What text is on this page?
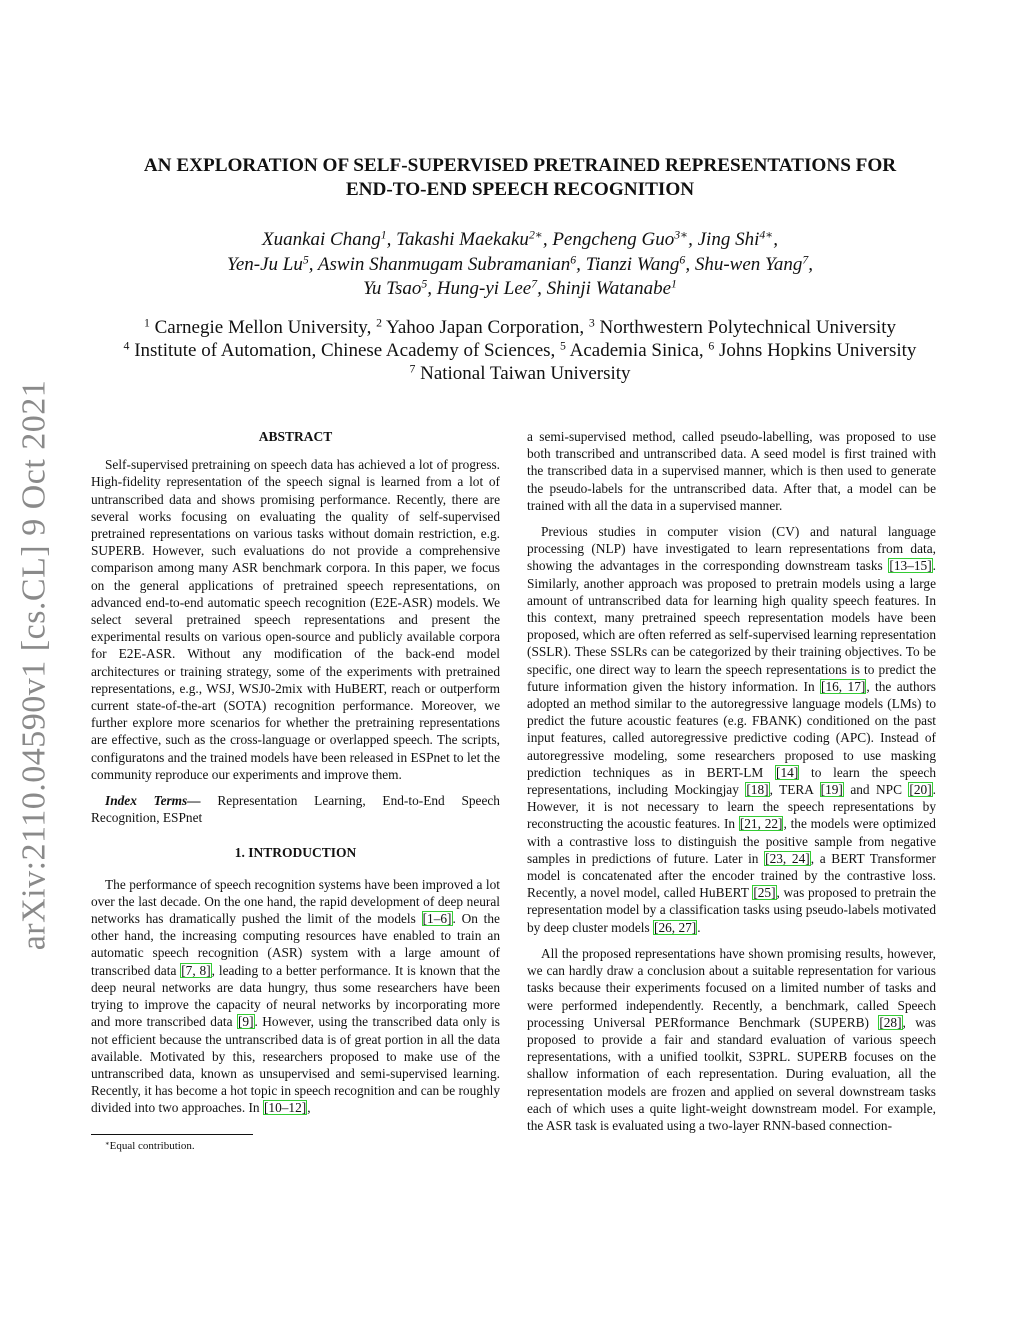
arXiv:2110.04590v1 [cs.CL] 9 Oct 2021
AN EXPLORATION OF SELF-SUPERVISED PRETRAINED REPRESENTATIONS FOR
END-TO-END SPEECH RECOGNITION
Xuankai Chang$^1$, Takashi Maekaku$^{2∗}$, Pengcheng Guo$^{3∗}$, Jing Shi$^{4∗}$,
Yen-Ju Lu$^5$, Aswin Shanmugam Subramanian$^6$, Tianzi Wang$^6$, Shu-wen Yang$^7$,
Yu Tsao$^5$, Hung-yi Lee$^7$, Shinji Watanabe$^1$
$^1$ Carnegie Mellon University, $^2$ Yahoo Japan Corporation, $^3$ Northwestern Polytechnical University
$^4$ Institute of Automation, Chinese Academy of Sciences, $^5$ Academia Sinica, $^6$ Johns Hopkins University
$^7$ National Taiwan University
ABSTRACT

Self-supervised pretraining on speech data has achieved a lot of progress. High-fidelity representation of the speech signal is learned from a lot of untranscribed data and shows promising performance. Recently, there are several works focusing on evaluating the quality of self-supervised pretrained representations on various tasks without domain restriction, e.g. SUPERB. However, such evaluations do not provide a comprehensive comparison among many ASR benchmark corpora. In this paper, we focus on the general applications of pretrained speech representations, on advanced end-to-end automatic speech recognition (E2E-ASR) models. We select several pretrained speech representations and present the experimental results on various open-source and publicly available corpora for E2E-ASR. Without any modification of the back-end model architectures or training strategy, some of the experiments with pretrained representations, e.g., WSJ, WSJ0-2mix with HuBERT, reach or outperform current state-of-the-art (SOTA) recognition performance. Moreover, we further explore more scenarios for whether the pretraining representations are effective, such as the cross-language or overlapped speech. The scripts, configuratons and the trained models have been released in ESPnet to let the community reproduce our experiments and improve them.

Index Terms— Representation Learning, End-to-End Speech Recognition, ESPnet

1. INTRODUCTION

The performance of speech recognition systems have been improved a lot over the last decade. On the one hand, the rapid development of deep neural networks has dramatically pushed the limit of the models [1–6]. On the other hand, the increasing computing resources have enabled to train an automatic speech recognition (ASR) system with a large amount of transcribed data [7, 8], leading to a better performance. It is known that the deep neural networks are data hungry, thus some researchers have been trying to improve the capacity of neural networks by incorporating more and more transcribed data [9]. However, using the transcribed data only is not efficient because the untranscribed data is of great portion in all the data available. Motivated by this, researchers proposed to make use of the untranscribed data, known as unsupervised and semi-supervised learning. Recently, it has become a hot topic in speech recognition and can be roughly divided into two approaches. In [10–12],

∗Equal contribution.

a semi-supervised method, called pseudo-labelling, was proposed to use both transcribed and untranscribed data. A seed model is first trained with the transcribed data in a supervised manner, which is then used to generate the pseudo-labels for the untranscribed data. After that, a model can be trained with all the data in a supervised manner.

Previous studies in computer vision (CV) and natural language processing (NLP) have investigated to learn representations from data, showing the advantages in the corresponding downstream tasks [13–15]. Similarly, another approach was proposed to pretrain models using a large amount of untranscribed data for learning high quality speech features. In this context, many pretrained speech representation models have been proposed, which are often referred as self-supervised learning representation (SSLR). These SSLRs can be categorized by their training objectives. To be specific, one direct way to learn the speech representations is to predict the future information given the history information. In [16, 17], the authors adopted an method similar to the autoregressive language models (LMs) to predict the future acoustic features (e.g. FBANK) conditioned on the past input features, called autoregressive predictive coding (APC). Instead of autoregressive modeling, some researchers proposed to use masking prediction techniques as in BERT-LM [14] to learn the speech representations, including Mockingjay [18], TERA [19] and NPC [20]. However, it is not necessary to learn the speech representations by reconstructing the acoustic features. In [21, 22], the models were optimized with a contrastive loss to distinguish the positive sample from negative samples in predictions of future. Later in [23, 24], a BERT Transformer model is concatenated after the encoder trained by the contrastive loss. Recently, a novel model, called HuBERT [25], was proposed to pretrain the representation model by a classification tasks using pseudo-labels motivated by deep cluster models [26, 27].

All the proposed representations have shown promising results, however, we can hardly draw a conclusion about a suitable representation for various tasks because their experiments focused on a limited number of tasks and were performed independently. Recently, a benchmark, called Speech processing Universal PERformance Benchmark (SUPERB) [28], was proposed to provide a fair and standard evaluation of various speech representations, with a unified toolkit, S3PRL. SUPERB focuses on the shallow information of each representation. During evaluation, all the representation models are frozen and applied on several downstream tasks each of which uses a quite light-weight downstream model. For example, the ASR task is evaluated using a two-layer RNN-based connection-
